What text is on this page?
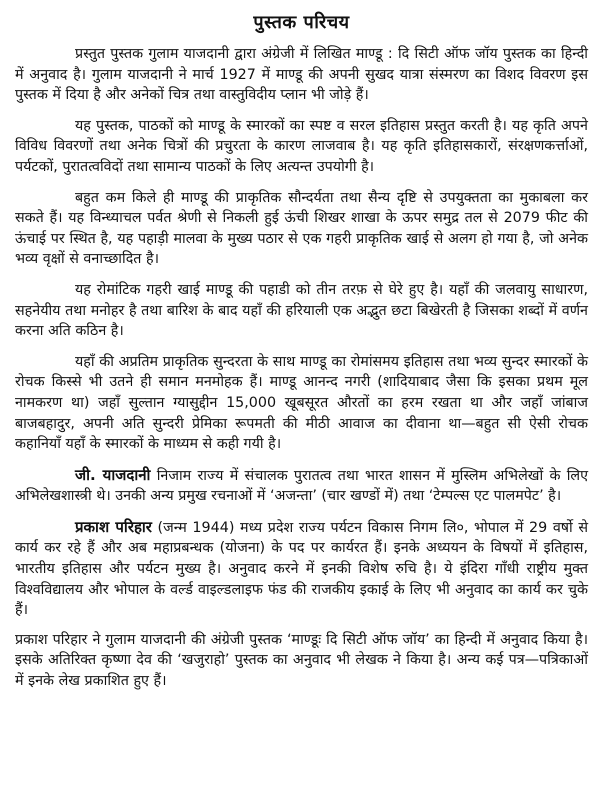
पुस्तक परिचय

प्रस्तुत पुस्तक गुलाम याजदानी द्वारा अंग्रेजी में लिखित माण्डू : दि सिटी ऑफ जॉय पुस्तक का हिन्दी में अनुवाद है। गुलाम याजदानी ने मार्च 1927 में माण्डू की अपनी सुखद यात्रा संस्मरण का विशद विवरण इस पुस्तक में दिया है और अनेकों चित्र तथा वास्तुविदीय प्लान भी जोड़े हैं।

यह पुस्तक, पाठकों को माण्डू के स्मारकों का स्पष्ट व सरल इतिहास प्रस्तुत करती है। यह कृति अपने विविध विवरणों तथा अनेक चित्रों की प्रचुरता के कारण लाजवाब है। यह कृति इतिहासकारों, संरक्षणकर्त्ताओं, पर्यटकों, पुरातत्वविदों तथा सामान्य पाठकों के लिए अत्यन्त उपयोगी है।

बहुत कम किले ही माण्डू की प्राकृतिक सौन्दर्यता तथा सैन्य दृष्टि से उपयुक्तता का मुकाबला कर सकते हैं। यह विन्ध्याचल पर्वत श्रेणी से निकली हुई ऊंची शिखर शाखा के ऊपर समुद्र तल से 2079 फीट की ऊंचाई पर स्थित है, यह पहाड़ी मालवा के मुख्य पठार से एक गहरी प्राकृतिक खाई से अलग हो गया है, जो अनेक भव्य वृक्षों से वनाच्छादित है।

यह रोमांटिक गहरी खाई माण्डू की पहाडी को तीन तरफ़ से घेरे हुए है। यहाँ की जलवायु साधारण, सहनेयीय तथा मनोहर है तथा बारिश के बाद यहाँ की हरियाली एक अद्भुत छटा बिखेरती है जिसका शब्दों में वर्णन करना अति कठिन है।

यहाँ की अप्रतिम प्राकृतिक सुन्दरता के साथ माण्डू का रोमांसमय इतिहास तथा भव्य सुन्दर स्मारकों के रोचक किस्से भी उतने ही समान मनमोहक हैं। माण्डू आनन्द नगरी (शादियाबाद जैसा कि इसका प्रथम मूल नामकरण था) जहाँ सुल्तान ग्यासुद्दीन 15,000 खूबसूरत औरतों का हरम रखता था और जहाँ जांबाज बाजबहादुर, अपनी अति सुन्दरी प्रेमिका रूपमती की मीठी आवाज का दीवाना था—बहुत सी ऐसी रोचक कहानियाँ यहाँ के स्मारकों के माध्यम से कही गयी है।

जी. याजदानी निजाम राज्य में संचालक पुरातत्व तथा भारत शासन में मुस्लिम अभिलेखों के लिए अभिलेखशास्त्री थे। उनकी अन्य प्रमुख रचनाओं में ‘अजन्ता’ (चार खण्डों में) तथा ‘टेम्पल्स एट पालमपेट’ है।

प्रकाश परिहार (जन्म 1944) मध्य प्रदेश राज्य पर्यटन विकास निगम लि०, भोपाल में 29 वर्षो से कार्य कर रहे हैं और अब महाप्रबन्धक (योजना) के पद पर कार्यरत हैं। इनके अध्ययन के विषयों में इतिहास, भारतीय इतिहास और पर्यटन मुख्य है। अनुवाद करने में इनकी विशेष रुचि है। ये इंदिरा गाँधी राष्ट्रीय मुक्त विश्वविद्यालय और भोपाल के वर्ल्ड वाइल्डलाइफ फंड की राजकीय इकाई के लिए भी अनुवाद का कार्य कर चुके हैं।

प्रकाश परिहार ने गुलाम याजदानी की अंग्रेजी पुस्तक ‘माण्डूः दि सिटी ऑफ जॉय’ का हिन्दी में अनुवाद किया है। इसके अतिरिक्त कृष्णा देव की ‘खजुराहो’ पुस्तक का अनुवाद भी लेखक ने किया है। अन्य कई पत्र—पत्रिकाओं में इनके लेख प्रकाशित हुए हैं।
